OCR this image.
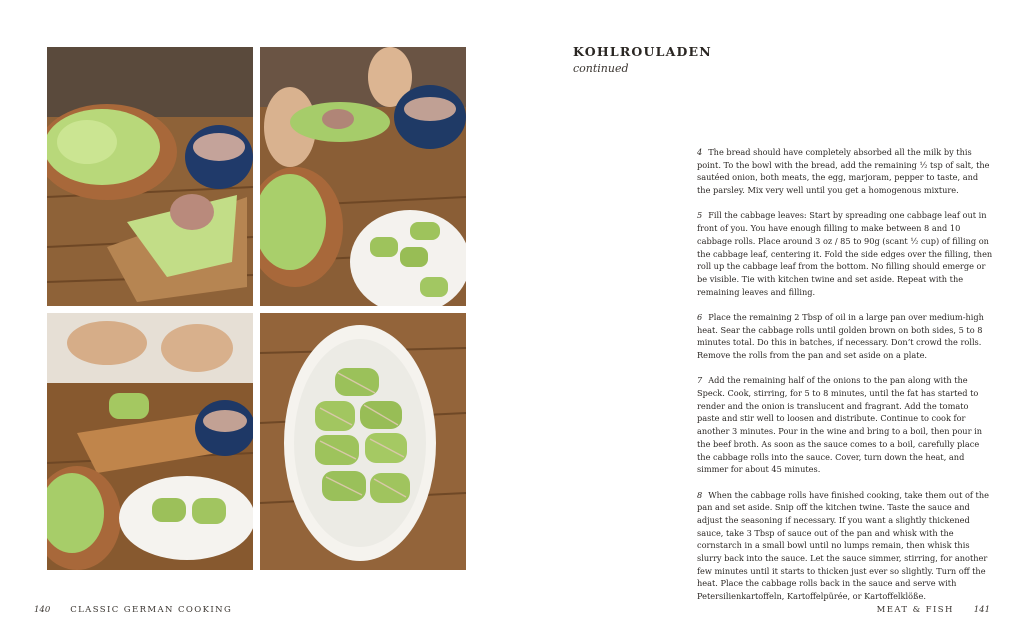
KOHLROULADEN
continued

4 The bread should have completely absorbed all the milk by this point. To the bowl with the bread, add the remaining ½ tsp of salt, the sautéed onion, both meats, the egg, marjoram, pepper to taste, and the parsley. Mix very well until you get a homogenous mixture.

5 Fill the cabbage leaves: Start by spreading one cabbage leaf out in front of you. You have enough filling to make between 8 and 10 cabbage rolls. Place around 3 oz / 85 to 90g (scant ½ cup) of filling on the cabbage leaf, centering it. Fold the side edges over the filling, then roll up the cabbage leaf from the bottom. No filling should emerge or be visible. Tie with kitchen twine and set aside. Repeat with the remaining leaves and filling.

6 Place the remaining 2 Tbsp of oil in a large pan over medium-high heat. Sear the cabbage rolls until golden brown on both sides, 5 to 8 minutes total. Do this in batches, if necessary. Don’t crowd the rolls. Remove the rolls from the pan and set aside on a plate.

7 Add the remaining half of the onions to the pan along with the Speck. Cook, stirring, for 5 to 8 minutes, until the fat has started to render and the onion is translucent and fragrant. Add the tomato paste and stir well to loosen and distribute. Continue to cook for another 3 minutes. Pour in the wine and bring to a boil, then pour in the beef broth. As soon as the sauce comes to a boil, carefully place the cabbage rolls into the sauce. Cover, turn down the heat, and simmer for about 45 minutes.

8 When the cabbage rolls have finished cooking, take them out of the pan and set aside. Snip off the kitchen twine. Taste the sauce and adjust the seasoning if necessary. If you want a slightly thickened sauce, take 3 Tbsp of sauce out of the pan and whisk with the cornstarch in a small bowl until no lumps remain, then whisk this slurry back into the sauce. Let the sauce simmer, stirring, for another few minutes until it starts to thicken just ever so slightly. Turn off the heat. Place the cabbage rolls back in the sauce and serve with Petersilienkartoffeln, Kartoffelpürée, or Kartoffelklöße.

140 CLASSIC GERMAN COOKING	MEAT & FISH 141
